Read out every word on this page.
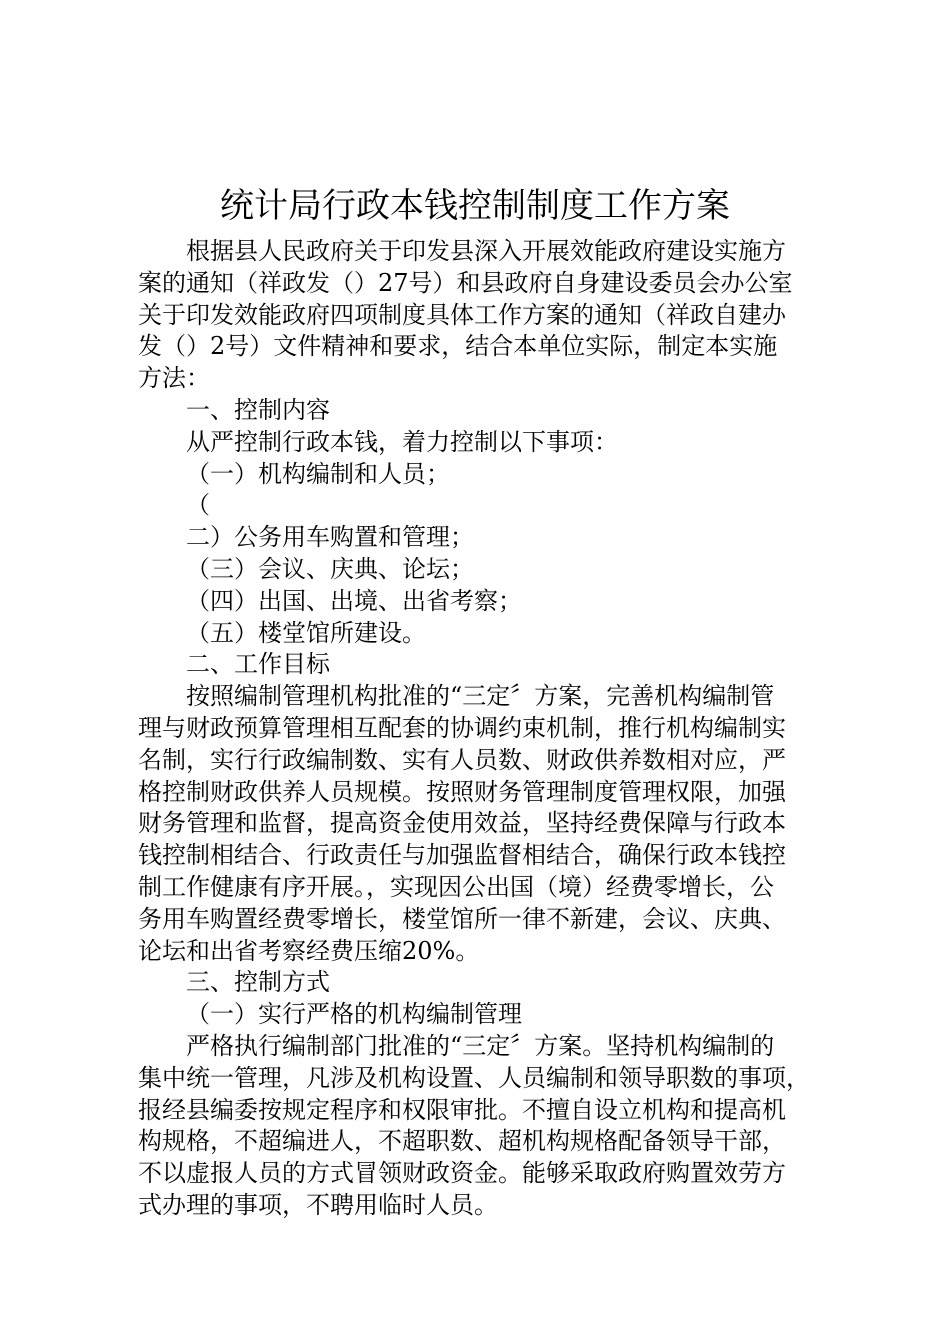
统计局行政本钱控制制度工作方案
根据县人民政府关于印发县深入开展效能政府建设实施方
案的通知（祥政发（）27号）和县政府自身建设委员会办公室
关于印发效能政府四项制度具体工作方案的通知（祥政自建办
发（）2号）文件精神和要求，结合本单位实际，制定本实施
方法：
一、控制内容
从严控制行政本钱，着力控制以下事项：
（一）机构编制和人员；
（
二）公务用车购置和管理；
（三）会议、庆典、论坛；
（四）出国、出境、出省考察；
（五）楼堂馆所建设。
二、工作目标
按照编制管理机构批准的“三定〞方案，完善机构编制管
理与财政预算管理相互配套的协调约束机制，推行机构编制实
名制，实行行政编制数、实有人员数、财政供养数相对应，严
格控制财政供养人员规模。按照财务管理制度管理权限，加强
财务管理和监督，提高资金使用效益，坚持经费保障与行政本
钱控制相结合、行政责任与加强监督相结合，确保行政本钱控
制工作健康有序开展。，实现因公出国（境）经费零增长，公
务用车购置经费零增长，楼堂馆所一律不新建，会议、庆典、
论坛和出省考察经费压缩20%。
三、控制方式
（一）实行严格的机构编制管理
严格执行编制部门批准的“三定〞方案。坚持机构编制的
集中统一管理，凡涉及机构设置、人员编制和领导职数的事项，
报经县编委按规定程序和权限审批。不擅自设立机构和提高机
构规格，不超编进人，不超职数、超机构规格配备领导干部，
不以虚报人员的方式冒领财政资金。能够采取政府购置效劳方
式办理的事项，不聘用临时人员。
